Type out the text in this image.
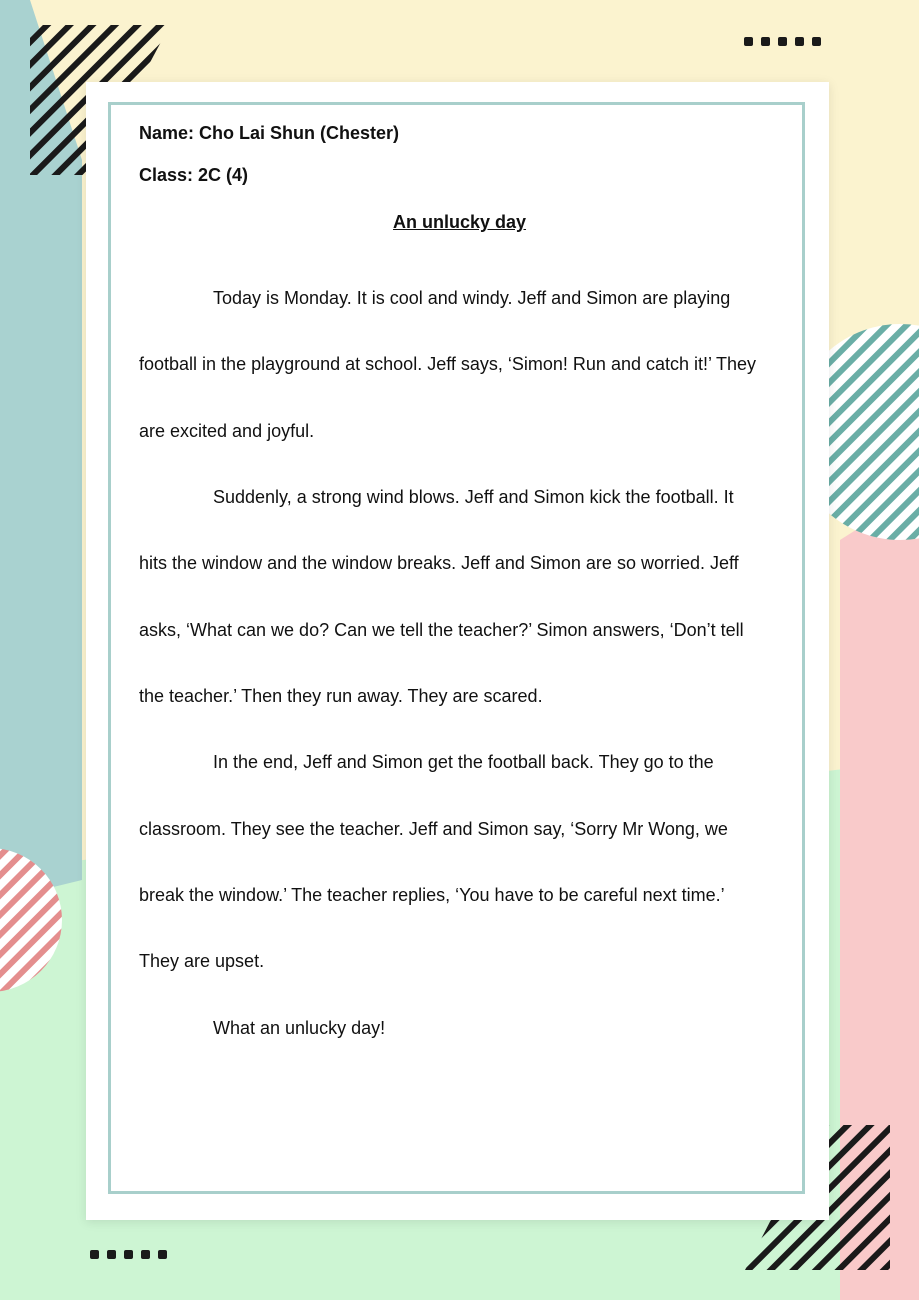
Name: Cho Lai Shun (Chester)
Class: 2C (4)
An unlucky day
Today is Monday. It is cool and windy. Jeff and Simon are playing
football in the playground at school. Jeff says, ‘Simon! Run and catch it!’ They
are excited and joyful.
Suddenly, a strong wind blows. Jeff and Simon kick the football. It
hits the window and the window breaks. Jeff and Simon are so worried. Jeff
asks, ‘What can we do? Can we tell the teacher?’ Simon answers, ‘Don’t tell
the teacher.’ Then they run away. They are scared.
In the end, Jeff and Simon get the football back. They go to the
classroom. They see the teacher. Jeff and Simon say, ‘Sorry Mr Wong, we
break the window.’ The teacher replies, ‘You have to be careful next time.’
They are upset.
What an unlucky day!
